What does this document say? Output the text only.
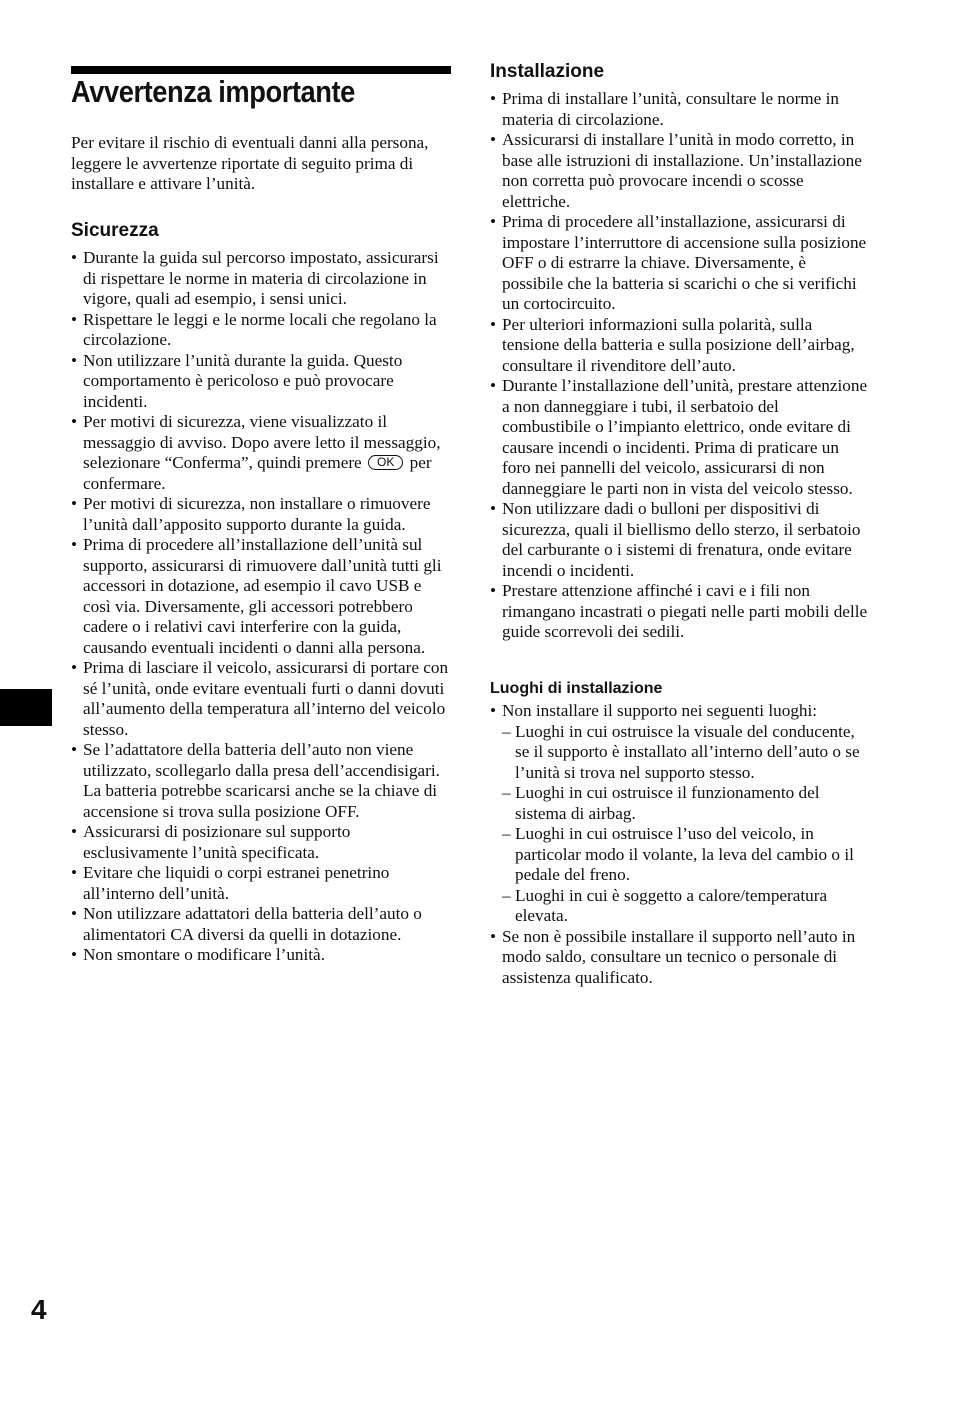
Avvertenza importante

Per evitare il rischio di eventuali danni alla persona, leggere le avvertenze riportate di seguito prima di installare e attivare l’unità.

Sicurezza
• Durante la guida sul percorso impostato, assicurarsi di rispettare le norme in materia di circolazione in vigore, quali ad esempio, i sensi unici.
• Rispettare le leggi e le norme locali che regolano la circolazione.
• Non utilizzare l’unità durante la guida. Questo comportamento è pericoloso e può provocare incidenti.
• Per motivi di sicurezza, viene visualizzato il messaggio di avviso. Dopo avere letto il messaggio, selezionare “Conferma”, quindi premere OK per confermare.
• Per motivi di sicurezza, non installare o rimuovere l’unità dall’apposito supporto durante la guida.
• Prima di procedere all’installazione dell’unità sul supporto, assicurarsi di rimuovere dall’unità tutti gli accessori in dotazione, ad esempio il cavo USB e così via. Diversamente, gli accessori potrebbero cadere o i relativi cavi interferire con la guida, causando eventuali incidenti o danni alla persona.
• Prima di lasciare il veicolo, assicurarsi di portare con sé l’unità, onde evitare eventuali furti o danni dovuti all’aumento della temperatura all’interno del veicolo stesso.
• Se l’adattatore della batteria dell’auto non viene utilizzato, scollegarlo dalla presa dell’accendisigari. La batteria potrebbe scaricarsi anche se la chiave di accensione si trova sulla posizione OFF.
• Assicurarsi di posizionare sul supporto esclusivamente l’unità specificata.
• Evitare che liquidi o corpi estranei penetrino all’interno dell’unità.
• Non utilizzare adattatori della batteria dell’auto o alimentatori CA diversi da quelli in dotazione.
• Non smontare o modificare l’unità.
Installazione
• Prima di installare l’unità, consultare le norme in materia di circolazione.
• Assicurarsi di installare l’unità in modo corretto, in base alle istruzioni di installazione. Un’installazione non corretta può provocare incendi o scosse elettriche.
• Prima di procedere all’installazione, assicurarsi di impostare l’interruttore di accensione sulla posizione OFF o di estrarre la chiave. Diversamente, è possibile che la batteria si scarichi o che si verifichi un cortocircuito.
• Per ulteriori informazioni sulla polarità, sulla tensione della batteria e sulla posizione dell’airbag, consultare il rivenditore dell’auto.
• Durante l’installazione dell’unità, prestare attenzione a non danneggiare i tubi, il serbatoio del combustibile o l’impianto elettrico, onde evitare di causare incendi o incidenti. Prima di praticare un foro nei pannelli del veicolo, assicurarsi di non danneggiare le parti non in vista del veicolo stesso.
• Non utilizzare dadi o bulloni per dispositivi di sicurezza, quali il biellismo dello sterzo, il serbatoio del carburante o i sistemi di frenatura, onde evitare incendi o incidenti.
• Prestare attenzione affinché i cavi e i fili non rimangano incastrati o piegati nelle parti mobili delle guide scorrevoli dei sedili.
Luoghi di installazione
• Non installare il supporto nei seguenti luoghi:
– Luoghi in cui ostruisce la visuale del conducente, se il supporto è installato all’interno dell’auto o se l’unità si trova nel supporto stesso.
– Luoghi in cui ostruisce il funzionamento del sistema di airbag.
– Luoghi in cui ostruisce l’uso del veicolo, in particolar modo il volante, la leva del cambio o il pedale del freno.
– Luoghi in cui è soggetto a calore/temperatura elevata.
• Se non è possibile installare il supporto nell’auto in modo saldo, consultare un tecnico o personale di assistenza qualificato.

4
